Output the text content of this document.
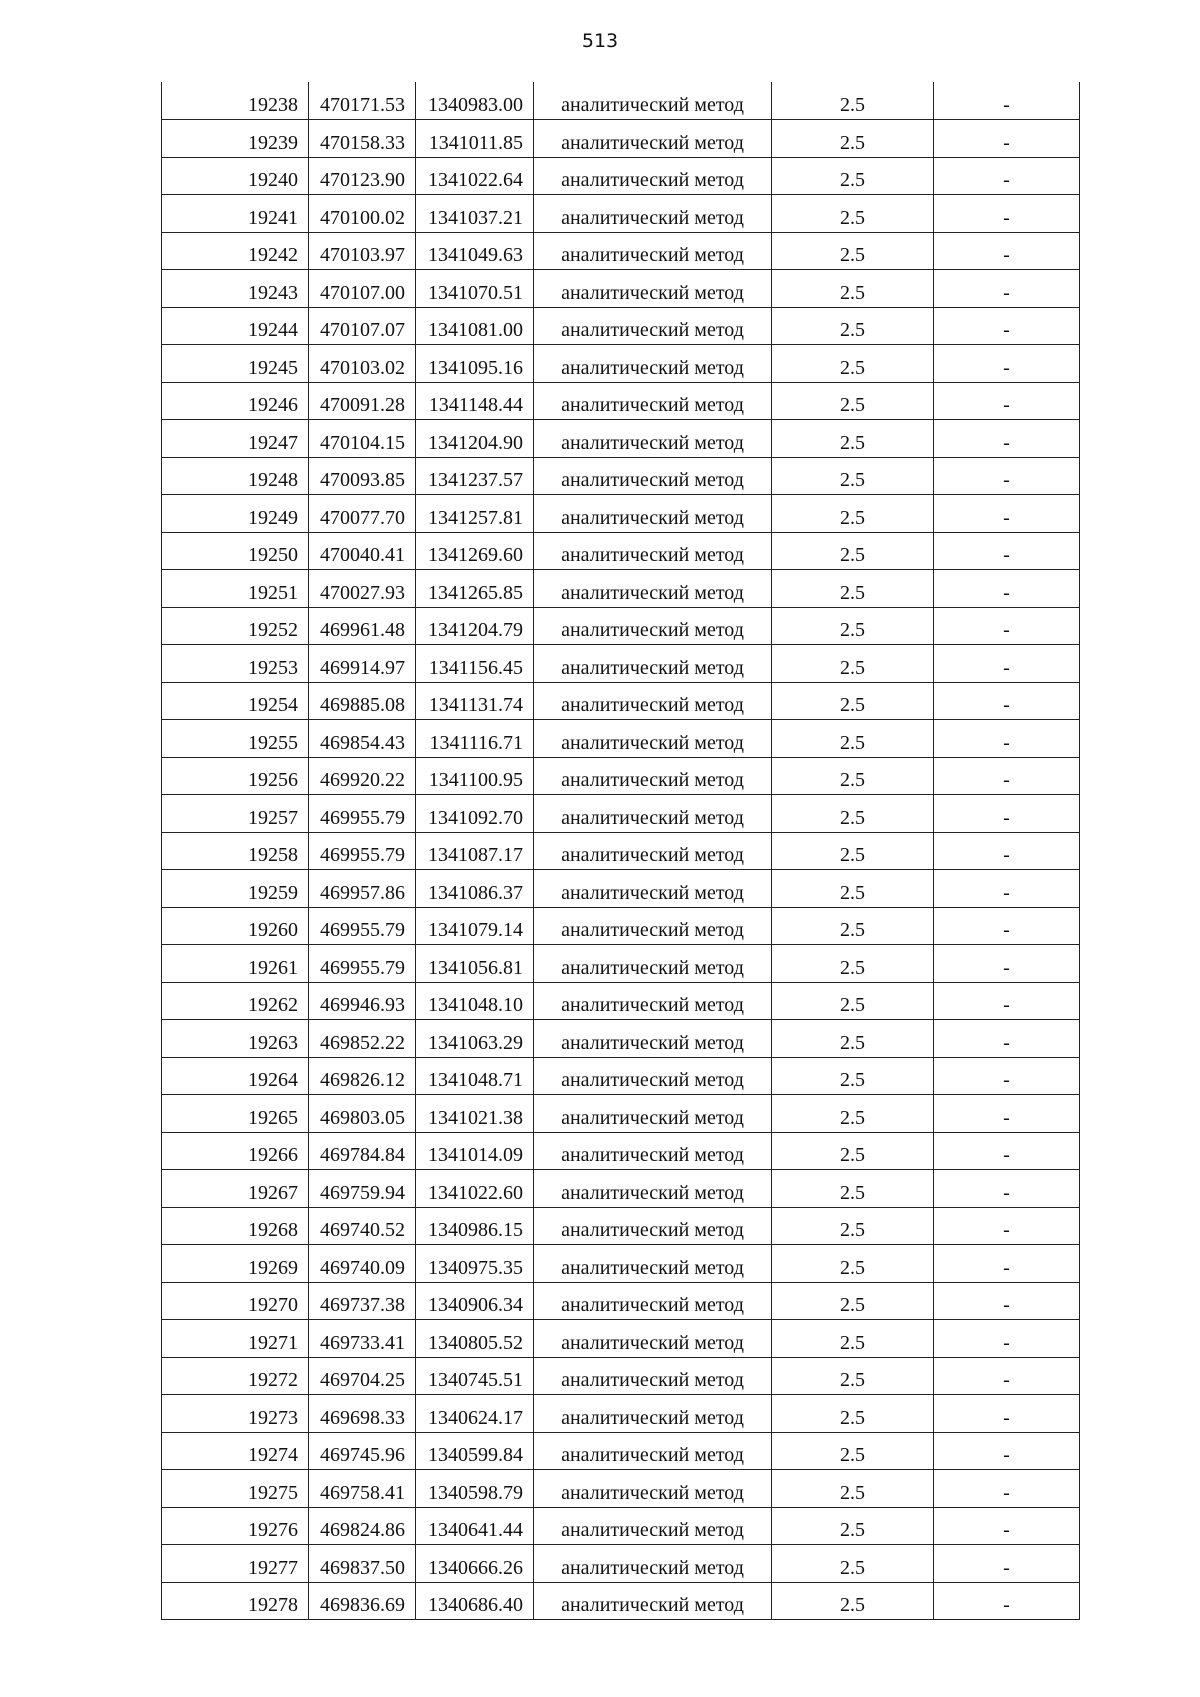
513
19238	470171.53	1340983.00	аналитический метод	2.5	-
19239	470158.33	1341011.85	аналитический метод	2.5	-
19240	470123.90	1341022.64	аналитический метод	2.5	-
19241	470100.02	1341037.21	аналитический метод	2.5	-
19242	470103.97	1341049.63	аналитический метод	2.5	-
19243	470107.00	1341070.51	аналитический метод	2.5	-
19244	470107.07	1341081.00	аналитический метод	2.5	-
19245	470103.02	1341095.16	аналитический метод	2.5	-
19246	470091.28	1341148.44	аналитический метод	2.5	-
19247	470104.15	1341204.90	аналитический метод	2.5	-
19248	470093.85	1341237.57	аналитический метод	2.5	-
19249	470077.70	1341257.81	аналитический метод	2.5	-
19250	470040.41	1341269.60	аналитический метод	2.5	-
19251	470027.93	1341265.85	аналитический метод	2.5	-
19252	469961.48	1341204.79	аналитический метод	2.5	-
19253	469914.97	1341156.45	аналитический метод	2.5	-
19254	469885.08	1341131.74	аналитический метод	2.5	-
19255	469854.43	1341116.71	аналитический метод	2.5	-
19256	469920.22	1341100.95	аналитический метод	2.5	-
19257	469955.79	1341092.70	аналитический метод	2.5	-
19258	469955.79	1341087.17	аналитический метод	2.5	-
19259	469957.86	1341086.37	аналитический метод	2.5	-
19260	469955.79	1341079.14	аналитический метод	2.5	-
19261	469955.79	1341056.81	аналитический метод	2.5	-
19262	469946.93	1341048.10	аналитический метод	2.5	-
19263	469852.22	1341063.29	аналитический метод	2.5	-
19264	469826.12	1341048.71	аналитический метод	2.5	-
19265	469803.05	1341021.38	аналитический метод	2.5	-
19266	469784.84	1341014.09	аналитический метод	2.5	-
19267	469759.94	1341022.60	аналитический метод	2.5	-
19268	469740.52	1340986.15	аналитический метод	2.5	-
19269	469740.09	1340975.35	аналитический метод	2.5	-
19270	469737.38	1340906.34	аналитический метод	2.5	-
19271	469733.41	1340805.52	аналитический метод	2.5	-
19272	469704.25	1340745.51	аналитический метод	2.5	-
19273	469698.33	1340624.17	аналитический метод	2.5	-
19274	469745.96	1340599.84	аналитический метод	2.5	-
19275	469758.41	1340598.79	аналитический метод	2.5	-
19276	469824.86	1340641.44	аналитический метод	2.5	-
19277	469837.50	1340666.26	аналитический метод	2.5	-
19278	469836.69	1340686.40	аналитический метод	2.5	-
